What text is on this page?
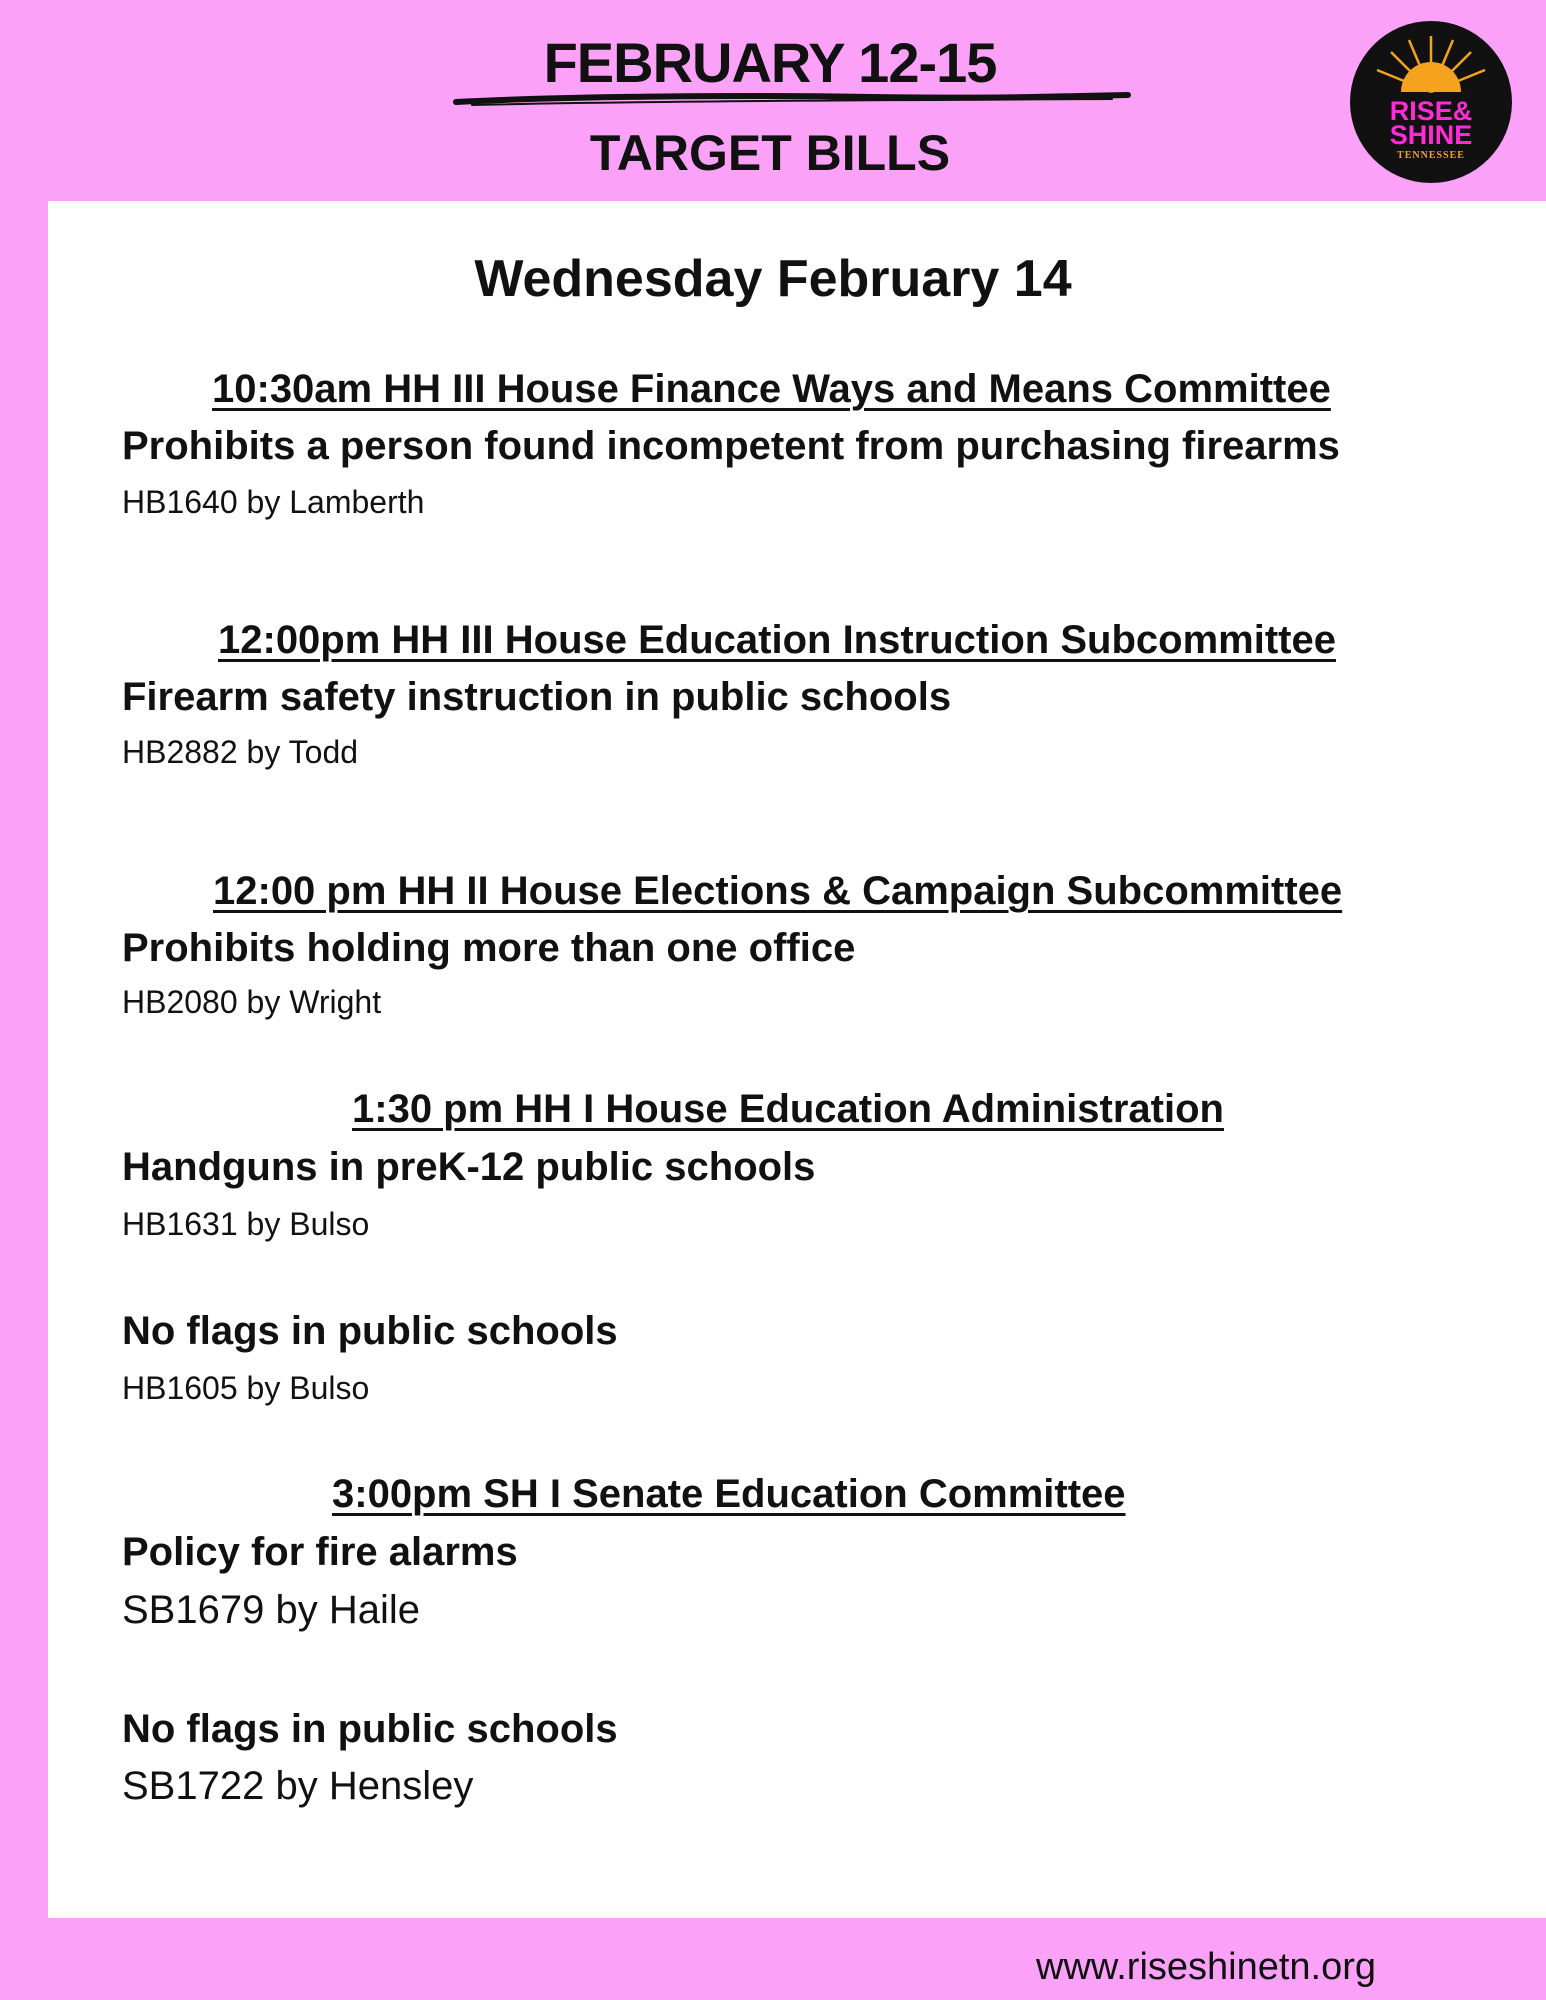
FEBRUARY 12-15
TARGET BILLS
RISE&
SHINE
TENNESSEE
Wednesday February 14
10:30am HH III House Finance Ways and Means Committee
Prohibits a person found incompetent from purchasing firearms
HB1640 by Lamberth
12:00pm HH III House Education Instruction Subcommittee
Firearm safety instruction in public schools
HB2882 by Todd
12:00 pm HH II House Elections & Campaign Subcommittee
Prohibits holding more than one office
HB2080 by Wright
1:30 pm HH I House Education Administration
Handguns in preK-12 public schools
HB1631 by Bulso
No flags in public schools
HB1605 by Bulso
3:00pm SH I Senate Education Committee
Policy for fire alarms
SB1679 by Haile
No flags in public schools
SB1722 by Hensley
www.riseshinetn.org
